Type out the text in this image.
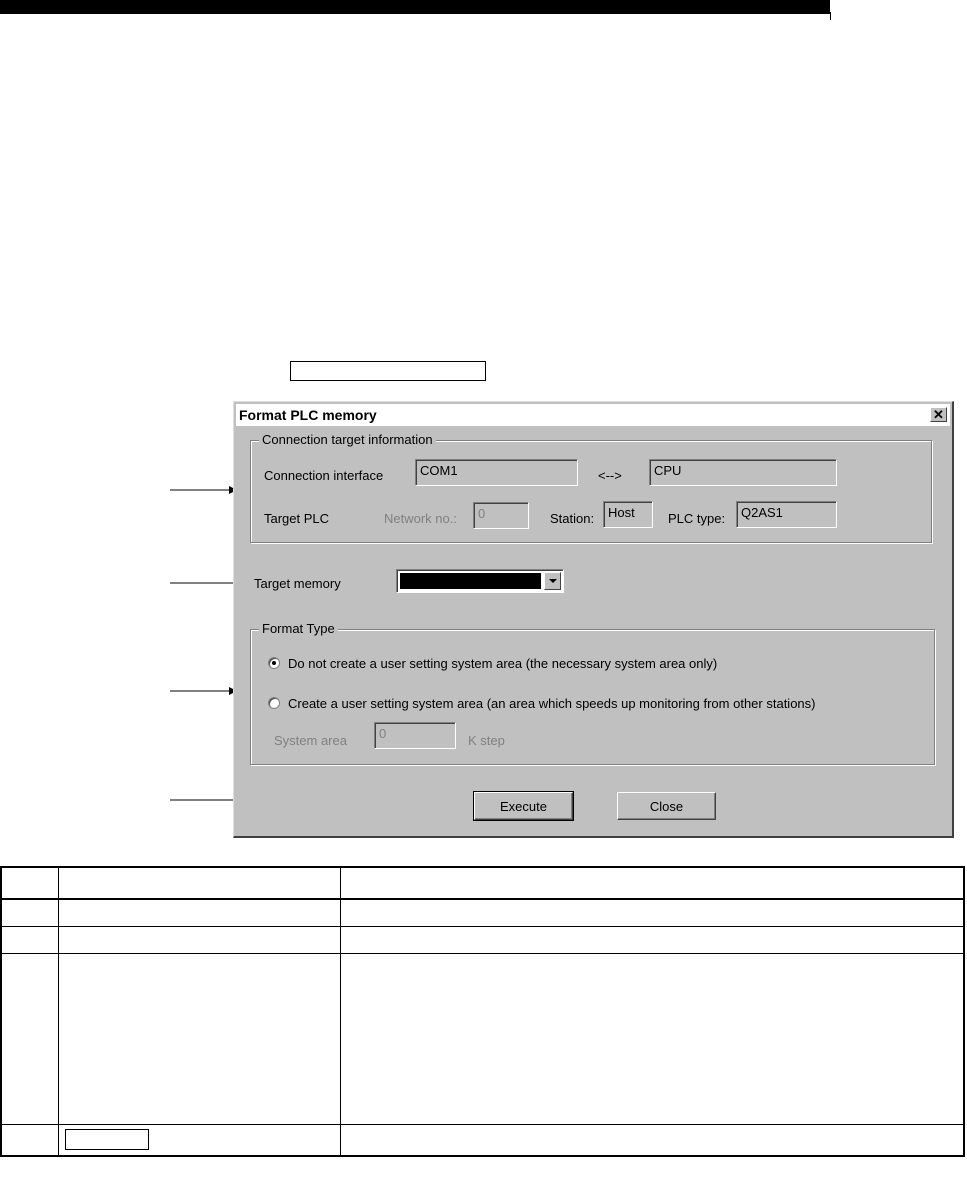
Format PLC memory	✕
Connection target information
Connection interface	COM1	<-->	CPU
Target PLC	Network no.:	0	Station:	Host	PLC type:	Q2AS1
Target memory
Format Type
Do not create a user setting system area (the necessary system area only)
Create a user setting system area (an area which speeds up monitoring from other stations)
System area	0	K step
Execute	Close
